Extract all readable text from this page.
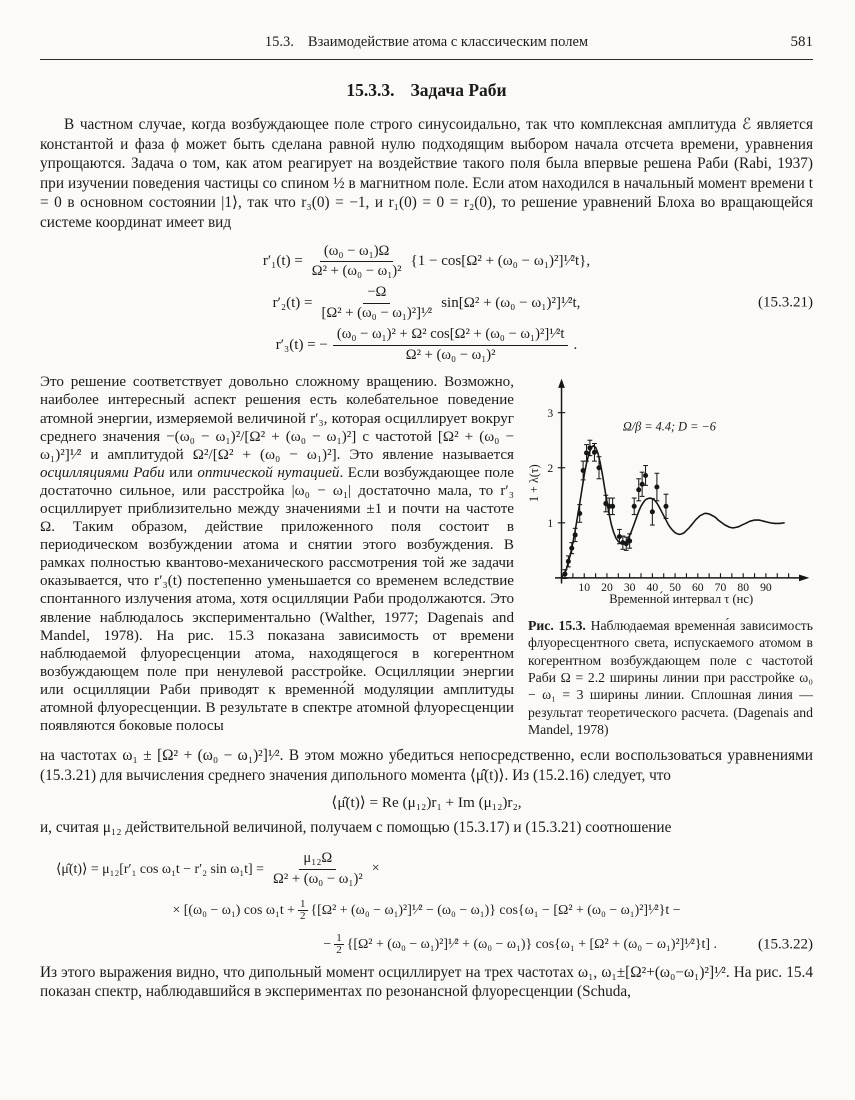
15.3. Взаимодействие атома с классическим полем	581
15.3.3. Задача Раби

В частном случае, когда возбуждающее поле строго синусоидально, так что комплексная амплитуда ℰ является константой и фаза ϕ может быть сделана равной нулю подходящим выбором начала отсчета времени, уравнения упрощаются. Задача о том, как атом реагирует на воздействие такого поля была впервые решена Раби (Rabi, 1937) при изучении поведения частицы со спином ½ в магнитном поле. Если атом находился в начальный момент времени t = 0 в основном состоянии |1⟩, так что r₃(0) = −1, и r₁(0) = 0 = r₂(0), то решение уравнений Блоха во вращающейся системе координат имеет вид

$r'_1(t) = \frac{\text{(ω₀ − ω₁)Ω}}{\text{Ω² + (ω₀ − ω₁)²}} \{1 - \cos[\Omega^2 + (\omega_0$ − ω₁)²]¹⁄²t},
$r'_2(t) = \frac{-\Omega}{\text{[Ω² + (ω₀ − ω₁)²]¹⁄²}} \sin[\Omega^2 + (\omega_0$ − ω₁)²]¹⁄²t,	(15.3.21)
r′₃(t) = − $\frac{\text{(ω₀ − ω₁)² + Ω² cos[Ω² + (ω₀ − ω₁)²]¹⁄²t}}{\text{Ω² + (ω₀ − ω₁)²}}$ .

Это решение соответствует довольно сложному вращению. Возможно, наиболее интересный аспект решения есть колебательное поведение атомной энергии, измеряемой величиной r′₃, которая осциллирует вокруг среднего значения −(ω₀ − ω₁)²/[Ω² + (ω₀ − ω₁)²] с частотой [Ω² + (ω₀ − ω₁)²]¹⁄² и амплитудой Ω²/[Ω² + (ω₀ − ω₁)²]. Это явление называется осцилляциями Раби или оптической нутацией. Если возбуждающее поле достаточно сильное, или расстройка |ω₀ − ω₁| достаточно мала, то r′₃ осциллирует приблизительно между значениями ±1 и почти на частоте Ω. Таким образом, действие приложенного поля состоит в периодическом возбуждении атома и снятии этого возбуждения. В рамках полностью квантово-механического рассмотрения той же задачи оказывается, что r′₃(t) постепенно уменьшается со временем вследствие спонтанного излучения атома, хотя осцилляции Раби продолжаются. Это явление наблюдалось экспериментально (Walther, 1977; Dagenais and Mandel, 1978). На рис. 15.3 показана зависимость от времени наблюдаемой флуоресценции атома, находящегося в когерентном возбуждающем поле при ненулевой расстройке. Осцилляции энергии или осцилляции Раби приводят к временно́й модуляции амплитуды атомной флуоресценции. В результате в спектре атомной флуоресценции появляются боковые полосы

10 20 30 40 50 60 70 80 90
1
2
3
1 + λ(τ)
Временно́й интервал τ (нс)
Ω/β = 4.4; D = −6

Рис. 15.3. Наблюдаемая временна́я зависимость флуоресцентного света, испускаемого атомом в когерентном возбуждающем поле с частотой Раби Ω = 2.2 ширины линии при расстройке ω₀ − ω₁ = 3 ширины линии. Сплошная линия — результат теоретического расчета. (Dagenais and Mandel, 1978)

на частотах ω₁ ± [Ω² + (ω₀ − ω₁)²]¹⁄². В этом можно убедиться непосредственно, если воспользоваться уравнениями (15.3.21) для вычисления среднего значения дипольного момента ⟨μ̂(t)⟩. Из (15.2.16) следует, что

⟨μ̂(t)⟩ = Re (μ₁₂)r₁ + Im (μ₁₂)r₂,

и, считая μ₁₂ действительной величиной, получаем с помощью (15.3.17) и (15.3.21) соотношение

⟨μ̂(t)⟩ = μ₁₂[r′₁ cos ω₁t − r′₂ $\sin \omega_1t] = \frac{\text{μ₁₂Ω}}{\text{Ω² + (ω₀ − ω₁)²}}$ ×
× [(ω₀ − ω₁) $\cos \omega_1t + \frac{1}{2} \{[\Omega^2 + (\omega_0$ − ω₁)²]¹⁄² − (ω₀ − ω₁)} cos{ω₁ − [Ω² + (ω₀ − ω₁)²]¹⁄²}t −
− $\frac{1}{2} \{[\Omega^2 + (\omega_0$ − ω₁)²]¹⁄² + (ω₀ − ω₁)} cos{ω₁ + [Ω² + (ω₀ − ω₁)²]¹⁄²}t] .	(15.3.22)

Из этого выражения видно, что дипольный момент осциллирует на трех частотах ω₁, ω₁±[Ω²+(ω₀−ω₁)²]¹⁄². На рис. 15.4 показан спектр, наблюдавшийся в экспериментах по резонансной флуоресценции (Schuda,
